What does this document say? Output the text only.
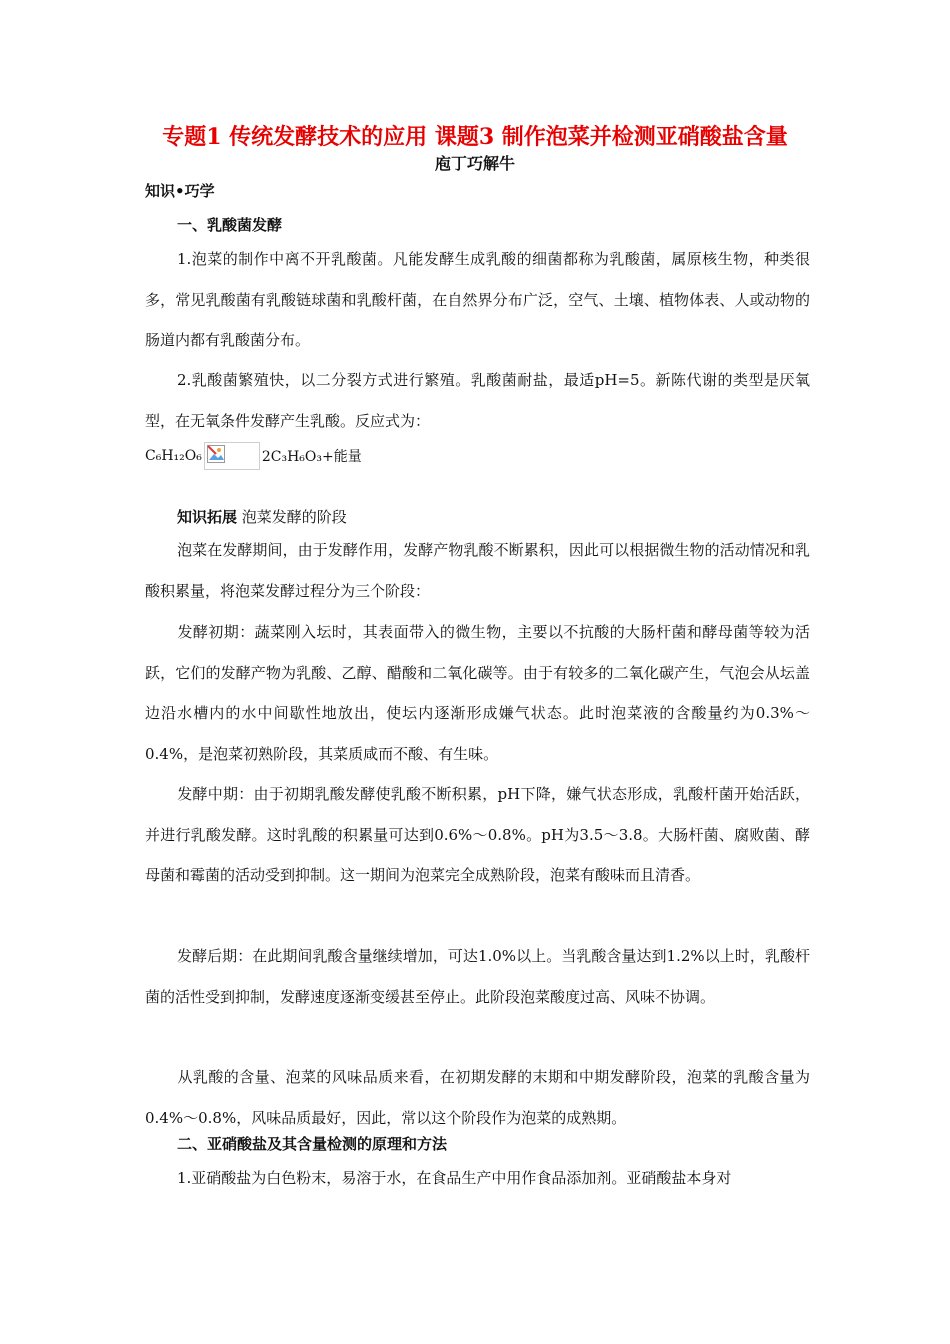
专题1 传统发酵技术的应用 课题3 制作泡菜并检测亚硝酸盐含量
庖丁巧解牛
知识•巧学
一、乳酸菌发酵
1.泡菜的制作中离不开乳酸菌。凡能发酵生成乳酸的细菌都称为乳酸菌，属原核生物，种类很多，常见乳酸菌有乳酸链球菌和乳酸杆菌，在自然界分布广泛，空气、土壤、植物体表、人或动物的肠道内都有乳酸菌分布。
2.乳酸菌繁殖快，以二分裂方式进行繁殖。乳酸菌耐盐，最适pH=5。新陈代谢的类型是厌氧型，在无氧条件发酵产生乳酸。反应式为：
C₆H₁₂O₆	2C₃H₆O₃+能量
知识拓展 泡菜发酵的阶段
泡菜在发酵期间，由于发酵作用，发酵产物乳酸不断累积，因此可以根据微生物的活动情况和乳酸积累量，将泡菜发酵过程分为三个阶段：
发酵初期：蔬菜刚入坛时，其表面带入的微生物，主要以不抗酸的大肠杆菌和酵母菌等较为活跃，它们的发酵产物为乳酸、乙醇、醋酸和二氧化碳等。由于有较多的二氧化碳产生，气泡会从坛盖边沿水槽内的水中间歇性地放出，使坛内逐渐形成嫌气状态。此时泡菜液的含酸量约为0.3%～0.4%，是泡菜初熟阶段，其菜质咸而不酸、有生味。
发酵中期：由于初期乳酸发酵使乳酸不断积累，pH下降，嫌气状态形成，乳酸杆菌开始活跃，并进行乳酸发酵。这时乳酸的积累量可达到0.6%～0.8%。pH为3.5～3.8。大肠杆菌、腐败菌、酵母菌和霉菌的活动受到抑制。这一期间为泡菜完全成熟阶段，泡菜有酸味而且清香。
发酵后期：在此期间乳酸含量继续增加，可达1.0%以上。当乳酸含量达到1.2%以上时，乳酸杆菌的活性受到抑制，发酵速度逐渐变缓甚至停止。此阶段泡菜酸度过高、风味不协调。
从乳酸的含量、泡菜的风味品质来看，在初期发酵的末期和中期发酵阶段，泡菜的乳酸含量为0.4%～0.8%，风味品质最好，因此，常以这个阶段作为泡菜的成熟期。
二、亚硝酸盐及其含量检测的原理和方法
1.亚硝酸盐为白色粉末，易溶于水，在食品生产中用作食品添加剂。亚硝酸盐本身对
